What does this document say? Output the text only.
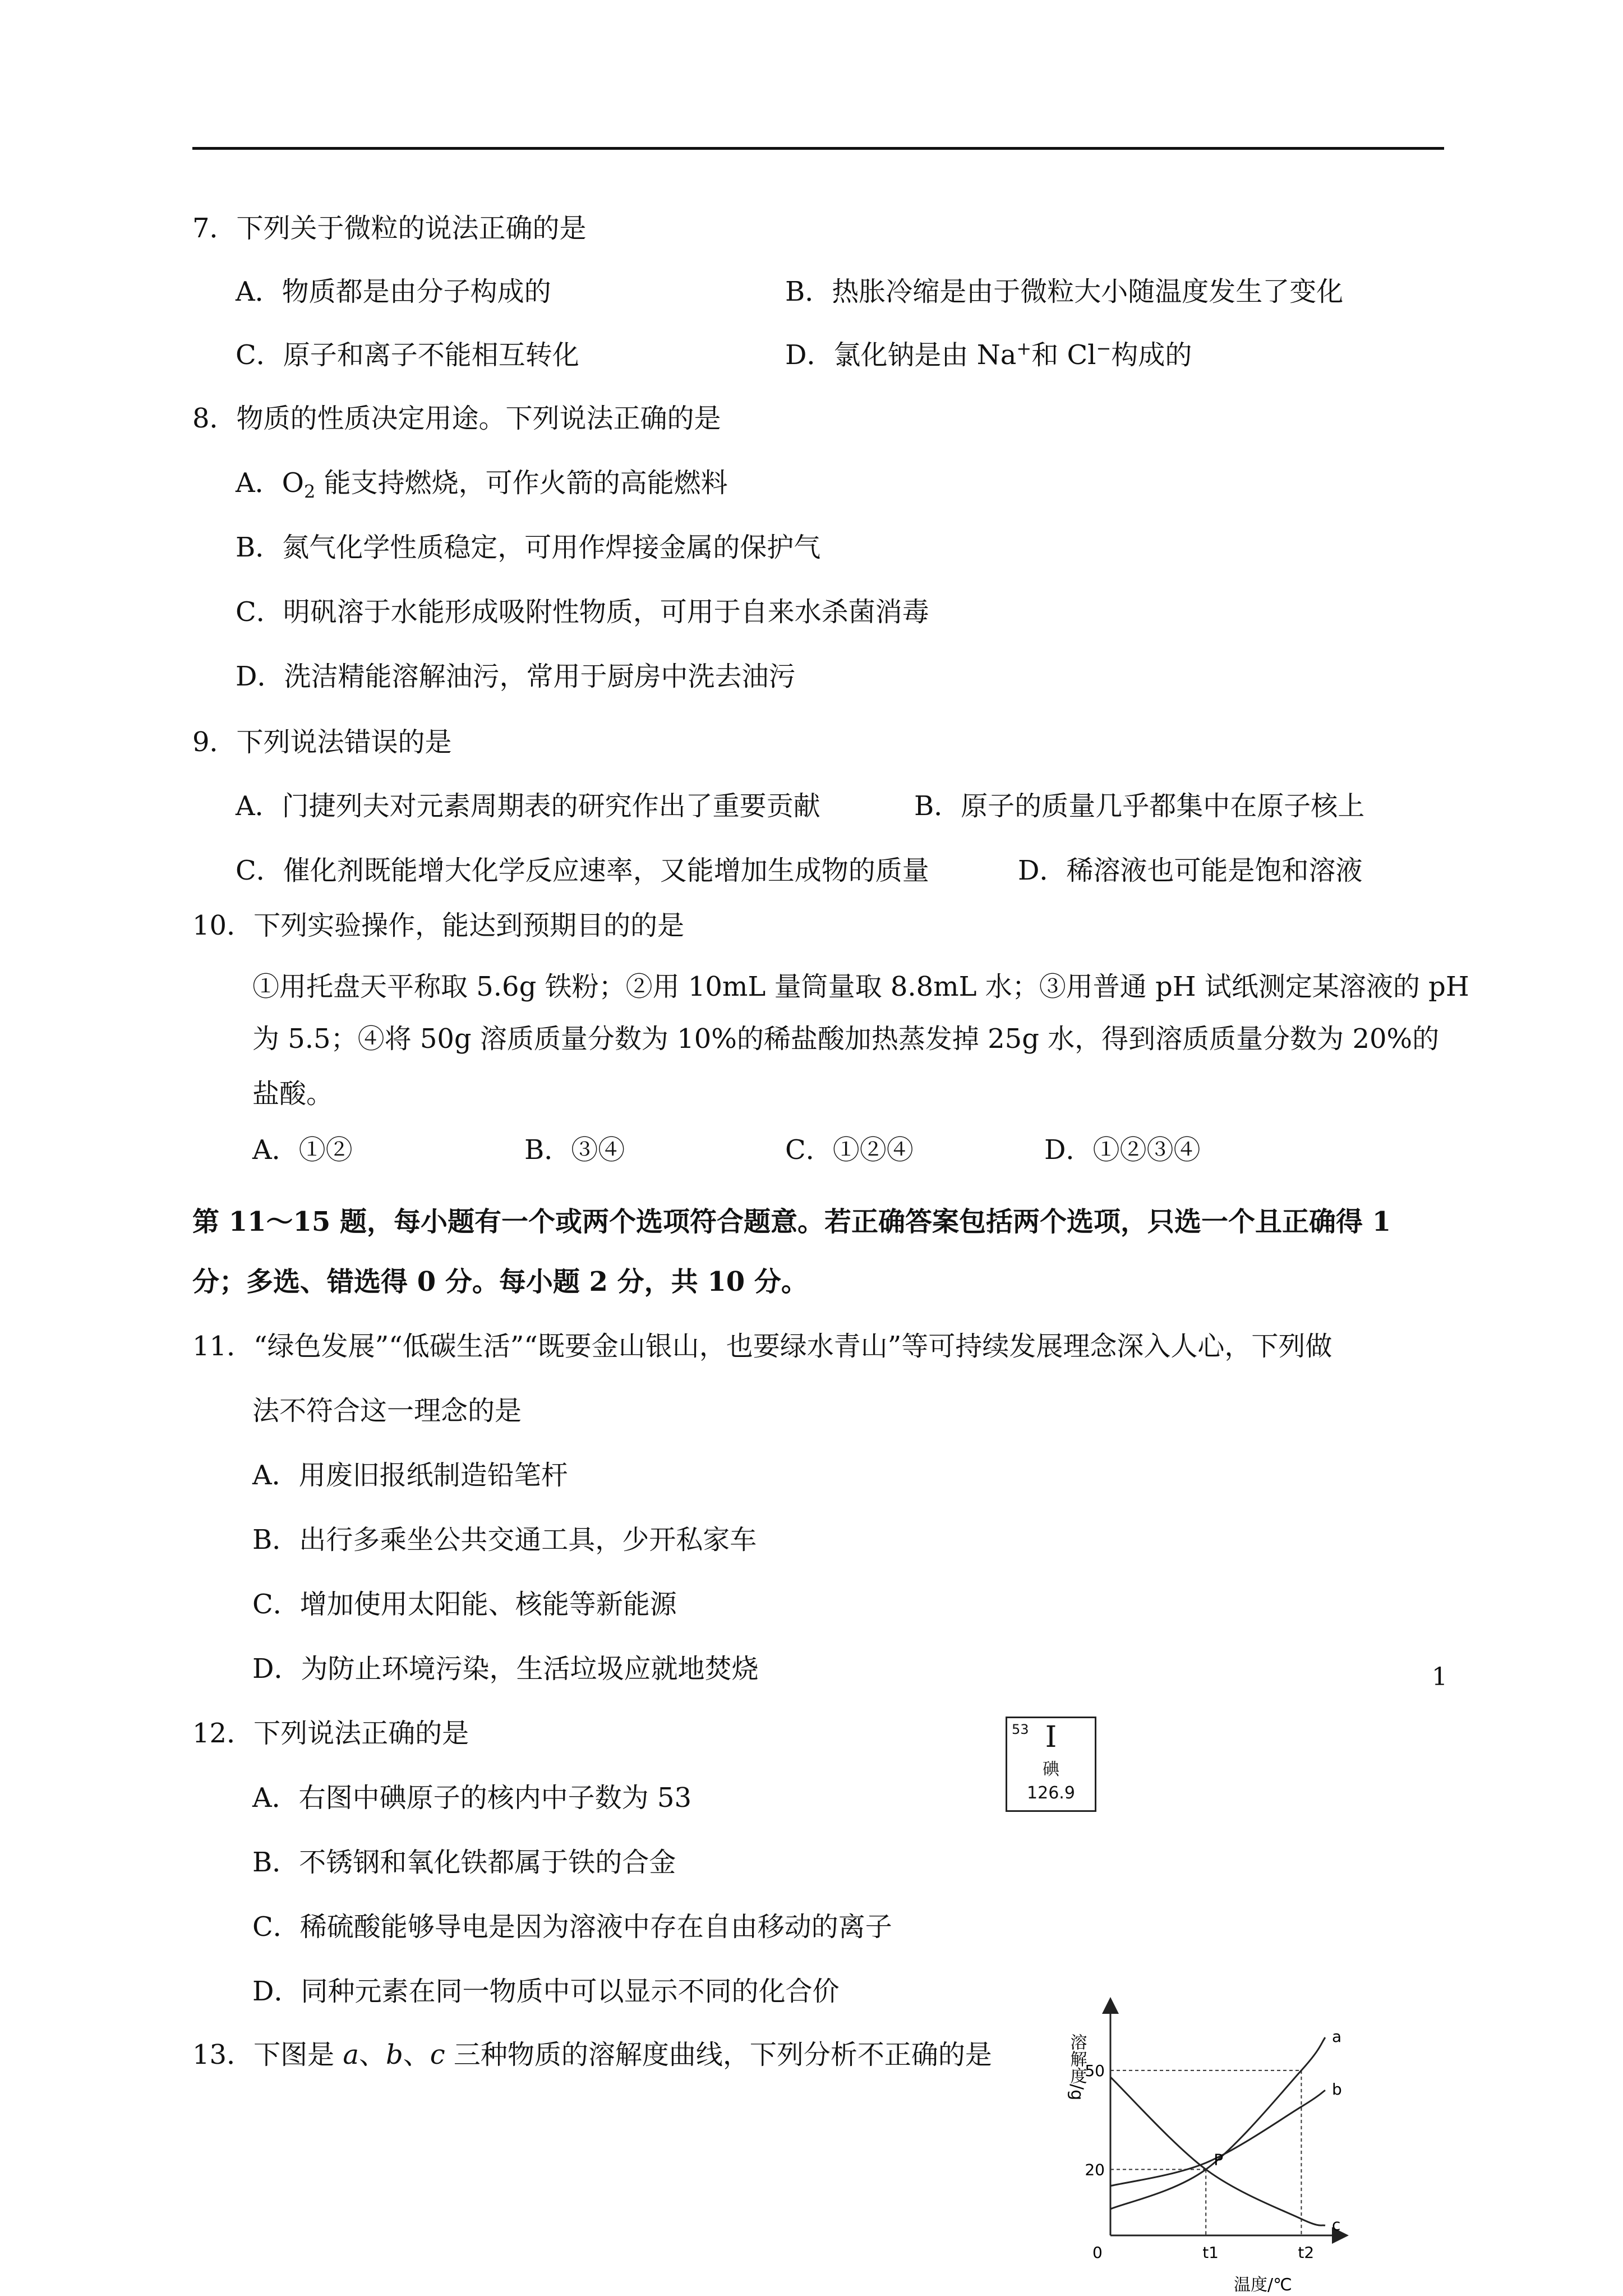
7．下列关于微粒的说法正确的是
A．物质都是由分子构成的	B．热胀冷缩是由于微粒大小随温度发生了变化
C．原子和离子不能相互转化	D．氯化钠是由 Na+和 Cl−构成的
8．物质的性质决定用途。下列说法正确的是
A．$O_2$ 能支持燃烧，可作火箭的高能燃料
B．氮气化学性质稳定，可用作焊接金属的保护气
C．明矾溶于水能形成吸附性物质，可用于自来水杀菌消毒
D．洗洁精能溶解油污，常用于厨房中洗去油污
9．下列说法错误的是
A．门捷列夫对元素周期表的研究作出了重要贡献	B．原子的质量几乎都集中在原子核上
C．催化剂既能增大化学反应速率，又能增加生成物的质量	D．稀溶液也可能是饱和溶液
10．下列实验操作，能达到预期目的的是
①用托盘天平称取 5.6g 铁粉；②用 10mL 量筒量取 8.8mL 水；③用普通 pH 试纸测定某溶液的 pH
为 5.5；④将 50g 溶质质量分数为 10%的稀盐酸加热蒸发掉 25g 水，得到溶质质量分数为 20%的
盐酸。
A．①②	B．③④	C．①②④	D．①②③④
第 11～15 题，每小题有一个或两个选项符合题意。若正确答案包括两个选项，只选一个且正确得 1
分；多选、错选得 0 分。每小题 2 分，共 10 分。
11．“绿色发展”“低碳生活”“既要金山银山，也要绿水青山”等可持续发展理念深入人心，下列做
法不符合这一理念的是
A．用废旧报纸制造铅笔杆
B．出行多乘坐公共交通工具，少开私家车
C．增加使用太阳能、核能等新能源
D．为防止环境污染，生活垃圾应就地焚烧	1
12．下列说法正确的是
A．右图中碘原子的核内中子数为 53
B．不锈钢和氧化铁都属于铁的合金
C．稀硫酸能够导电是因为溶液中存在自由移动的离子
D．同种元素在同一物质中可以显示不同的化合价
53 I
碘
126.9
13．下图是 a、b、c 三种物质的溶解度曲线，下列分析不正确的是	溶解度/g
温度/℃
0
20
50
t1	t2
a
b
c
P
